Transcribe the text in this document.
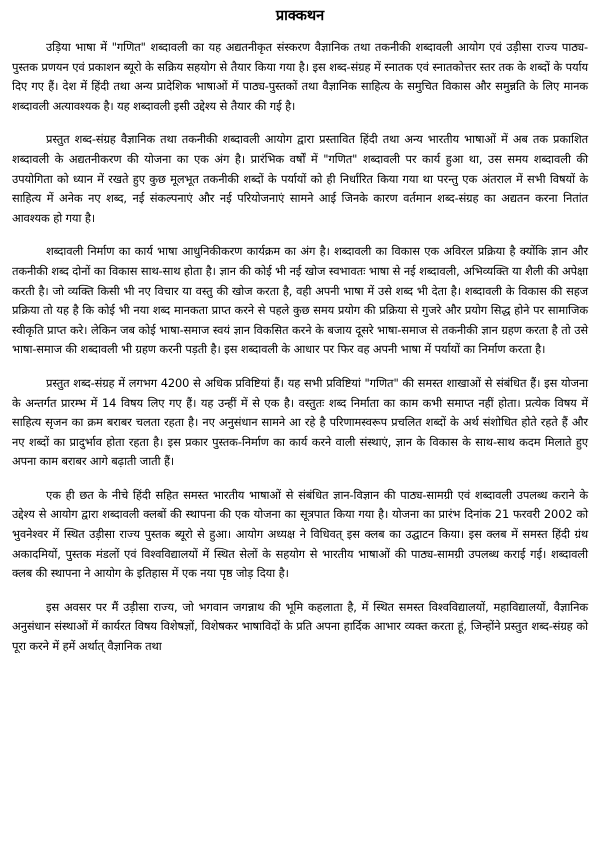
प्राक्कथन

उड़िया भाषा में "गणित" शब्दावली का यह अद्यतनीकृत संस्करण वैज्ञानिक तथा तकनीकी शब्दावली आयोग एवं उड़ीसा राज्य पाठ्य-पुस्तक प्रणयन एवं प्रकाशन ब्यूरो के सक्रिय सहयोग से तैयार किया गया है। इस शब्द-संग्रह में स्नातक एवं स्नातकोत्तर स्तर तक के शब्दों के पर्याय दिए गए हैं। देश में हिंदी तथा अन्य प्रादेशिक भाषाओं में पाठ्य-पुस्तकों तथा वैज्ञानिक साहित्य के समुचित विकास और समुन्नति के लिए मानक शब्दावली अत्यावश्यक है। यह शब्दावली इसी उद्देश्य से तैयार की गई है।

प्रस्तुत शब्द-संग्रह वैज्ञानिक तथा तकनीकी शब्दावली आयोग द्वारा प्रस्तावित हिंदी तथा अन्य भारतीय भाषाओं में अब तक प्रकाशित शब्दावली के अद्यतनीकरण की योजना का एक अंग है। प्रारंभिक वर्षों में "गणित" शब्दावली पर कार्य हुआ था, उस समय शब्दावली की उपयोगिता को ध्यान में रखते हुए कुछ मूलभूत तकनीकी शब्दों के पर्यायों को ही निर्धारित किया गया था परन्तु एक अंतराल में सभी विषयों के साहित्य में अनेक नए शब्द, नई संकल्पनाएं और नई परियोजनाएं सामने आई जिनके कारण वर्तमान शब्द-संग्रह का अद्यतन करना नितांत आवश्यक हो गया है।

शब्दावली निर्माण का कार्य भाषा आधुनिकीकरण कार्यक्रम का अंग है। शब्दावली का विकास एक अविरल प्रक्रिया है क्योंकि ज्ञान और तकनीकी शब्द दोनों का विकास साथ-साथ होता है। ज्ञान की कोई भी नई खोज स्वभावतः भाषा से नई शब्दावली, अभिव्यक्ति या शैली की अपेक्षा करती है। जो व्यक्ति किसी भी नए विचार या वस्तु की खोज करता है, वही अपनी भाषा में उसे शब्द भी देता है। शब्दावली के विकास की सहज प्रक्रिया तो यह है कि कोई भी नया शब्द मानकता प्राप्त करने से पहले कुछ समय प्रयोग की प्रक्रिया से गुजरे और प्रयोग सिद्ध होने पर सामाजिक स्वीकृति प्राप्त करे। लेकिन जब कोई भाषा-समाज स्वयं ज्ञान विकसित करने के बजाय दूसरे भाषा-समाज से तकनीकी ज्ञान ग्रहण करता है तो उसे भाषा-समाज की शब्दावली भी ग्रहण करनी पड़ती है। इस शब्दावली के आधार पर फिर वह अपनी भाषा में पर्यायों का निर्माण करता है।

प्रस्तुत शब्द-संग्रह में लगभग 4200 से अधिक प्रविष्टियां हैं। यह सभी प्रविष्टियां "गणित" की समस्त शाखाओं से संबंधित हैं। इस योजना के अन्तर्गत प्रारम्भ में 14 विषय लिए गए हैं। यह उन्हीं में से एक है। वस्तुतः शब्द निर्माता का काम कभी समाप्त नहीं होता। प्रत्येक विषय में साहित्य सृजन का क्रम बराबर चलता रहता है। नए अनुसंधान सामने आ रहे है परिणामस्वरूप प्रचलित शब्दों के अर्थ संशोधित होते रहते हैं और नए शब्दों का प्रादुर्भाव होता रहता है। इस प्रकार पुस्तक-निर्माण का कार्य करने वाली संस्थाएं, ज्ञान के विकास के साथ-साथ कदम मिलाते हुए अपना काम बराबर आगे बढ़ाती जाती हैं।

एक ही छत के नीचे हिंदी सहित समस्त भारतीय भाषाओं से संबंधित ज्ञान-विज्ञान की पाठ्य-सामग्री एवं शब्दावली उपलब्ध कराने के उद्देश्य से आयोग द्वारा शब्दावली क्लबों की स्थापना की एक योजना का सूत्रपात किया गया है। योजना का प्रारंभ दिनांक 21 फरवरी 2002 को भुवनेश्वर में स्थित उड़ीसा राज्य पुस्तक ब्यूरो से हुआ। आयोग अध्यक्ष ने विधिवत् इस क्लब का उद्घाटन किया। इस क्लब में समस्त हिंदी ग्रंथ अकादमियों, पुस्तक मंडलों एवं विश्वविद्यालयों में स्थित सेलों के सहयोग से भारतीय भाषाओं की पाठ्य-सामग्री उपलब्ध कराई गई। शब्दावली क्लब की स्थापना ने आयोग के इतिहास में एक नया पृष्ठ जोड़ दिया है।

इस अवसर पर मैं उड़ीसा राज्य, जो भगवान जगन्नाथ की भूमि कहलाता है, में स्थित समस्त विश्वविद्यालयों, महाविद्यालयों, वैज्ञानिक अनुसंधान संस्थाओं में कार्यरत विषय विशेषज्ञों, विशेषकर भाषाविदों के प्रति अपना हार्दिक आभार व्यक्त करता हूं, जिन्होंने प्रस्तुत शब्द-संग्रह को पूरा करने में हमें अर्थात् वैज्ञानिक तथा
